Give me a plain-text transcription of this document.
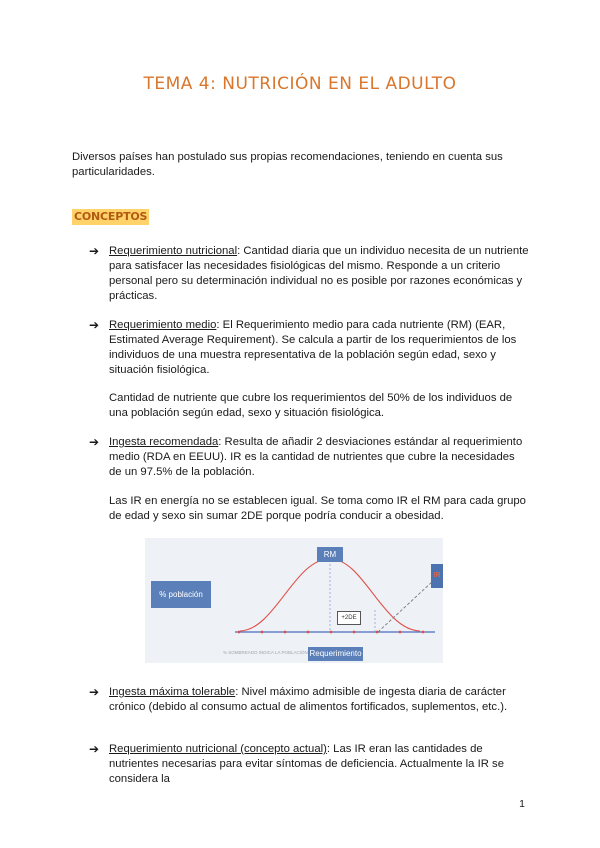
TEMA 4: NUTRICIÓN EN EL ADULTO
Diversos países han postulado sus propias recomendaciones, teniendo en cuenta sus particularidades.
CONCEPTOS
➔ Requerimiento nutricional: Cantidad diaria que un individuo necesita de un nutriente para satisfacer las necesidades fisiológicas del mismo. Responde a un criterio personal pero su determinación individual no es posible por razones económicas y prácticas.
➔ Requerimiento medio: El Requerimiento medio para cada nutriente (RM) (EAR, Estimated Average Requirement). Se calcula a partir de los requerimientos de los individuos de una muestra representativa de la población según edad, sexo y situación fisiológica.
Cantidad de nutriente que cubre los requerimientos del 50% de los individuos de una población según edad, sexo y situación fisiológica.
➔ Ingesta recomendada: Resulta de añadir 2 desviaciones estándar al requerimiento medio (RDA en EEUU). IR es la cantidad de nutrientes que cubre la necesidades de un 97.5% de la población.
Las IR en energía no se establecen igual. Se toma como IR el RM para cada grupo de edad y sexo sin sumar 2DE porque podría conducir a obesidad.
% SOMBREADO INDICA LA POBLACIÓN
RM
IR
% población
+2DE
Requerimiento
➔ Ingesta máxima tolerable: Nivel máximo admisible de ingesta diaria de carácter crónico (debido al consumo actual de alimentos fortificados, suplementos, etc.).
➔ Requerimiento nutricional (concepto actual): Las IR eran las cantidades de nutrientes necesarias para evitar síntomas de deficiencia. Actualmente la IR se considera la
1
